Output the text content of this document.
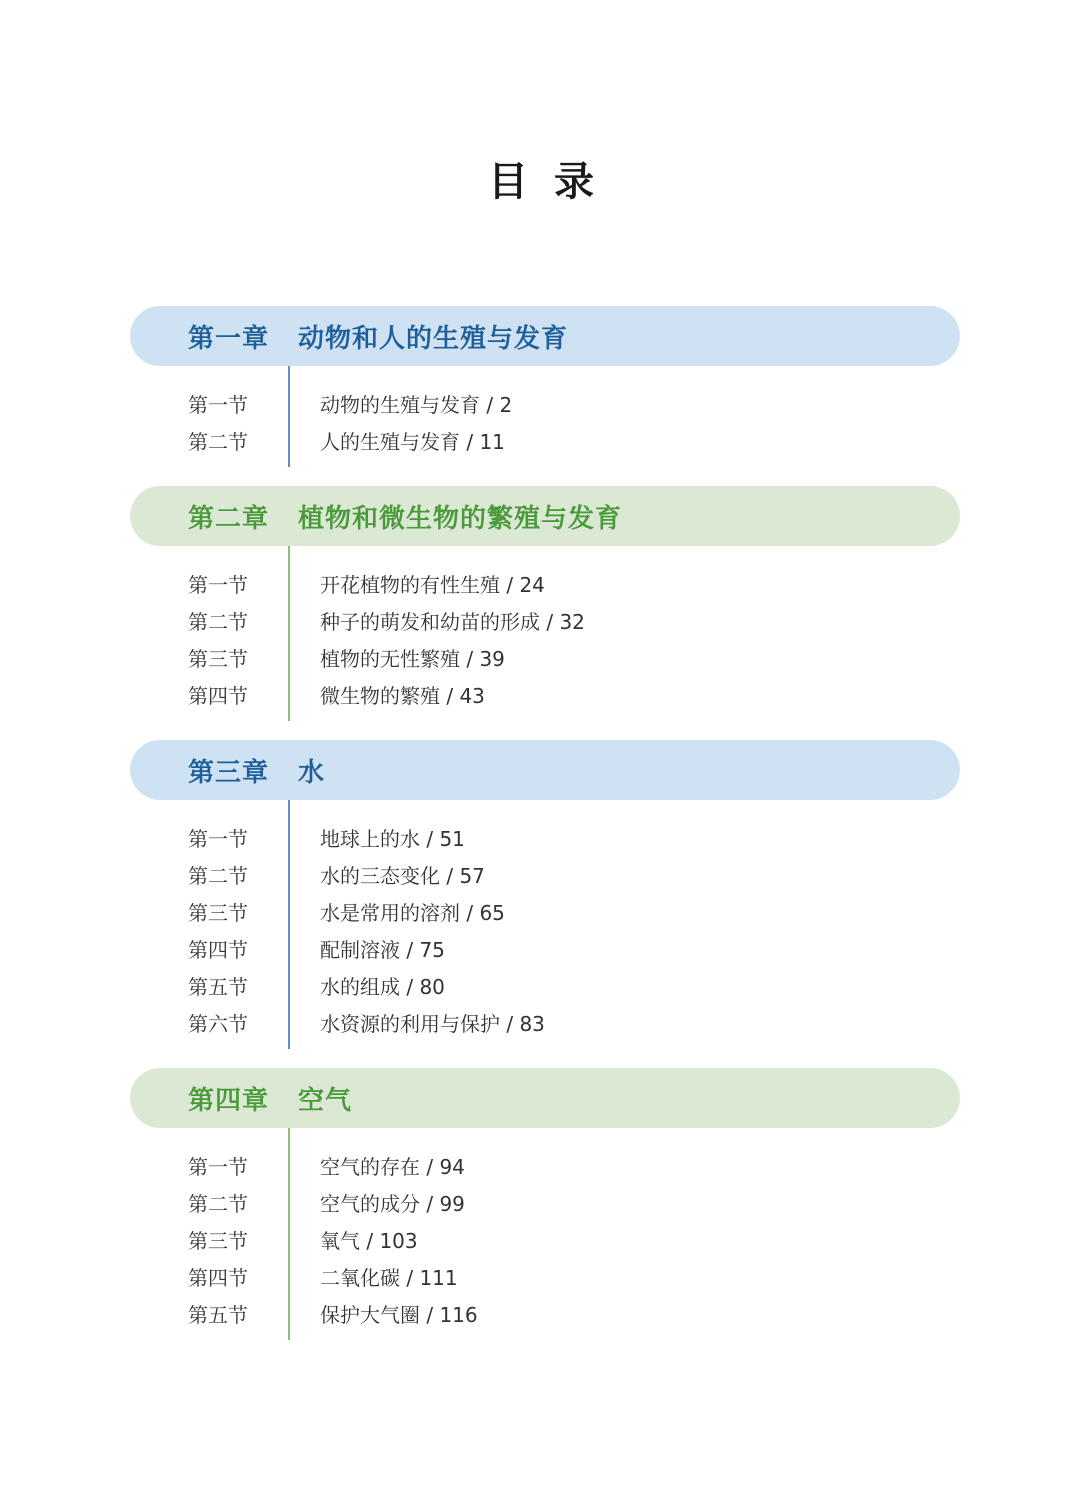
目 录
第一章	动物和人的生殖与发育
第一节	动物的生殖与发育 / 2
第二节	人的生殖与发育 / 11
第二章	植物和微生物的繁殖与发育
第一节	开花植物的有性生殖 / 24
第二节	种子的萌发和幼苗的形成 / 32
第三节	植物的无性繁殖 / 39
第四节	微生物的繁殖 / 43
第三章	水
第一节	地球上的水 / 51
第二节	水的三态变化 / 57
第三节	水是常用的溶剂 / 65
第四节	配制溶液 / 75
第五节	水的组成 / 80
第六节	水资源的利用与保护 / 83
第四章	空气
第一节	空气的存在 / 94
第二节	空气的成分 / 99
第三节	氧气 / 103
第四节	二氧化碳 / 111
第五节	保护大气圈 / 116
